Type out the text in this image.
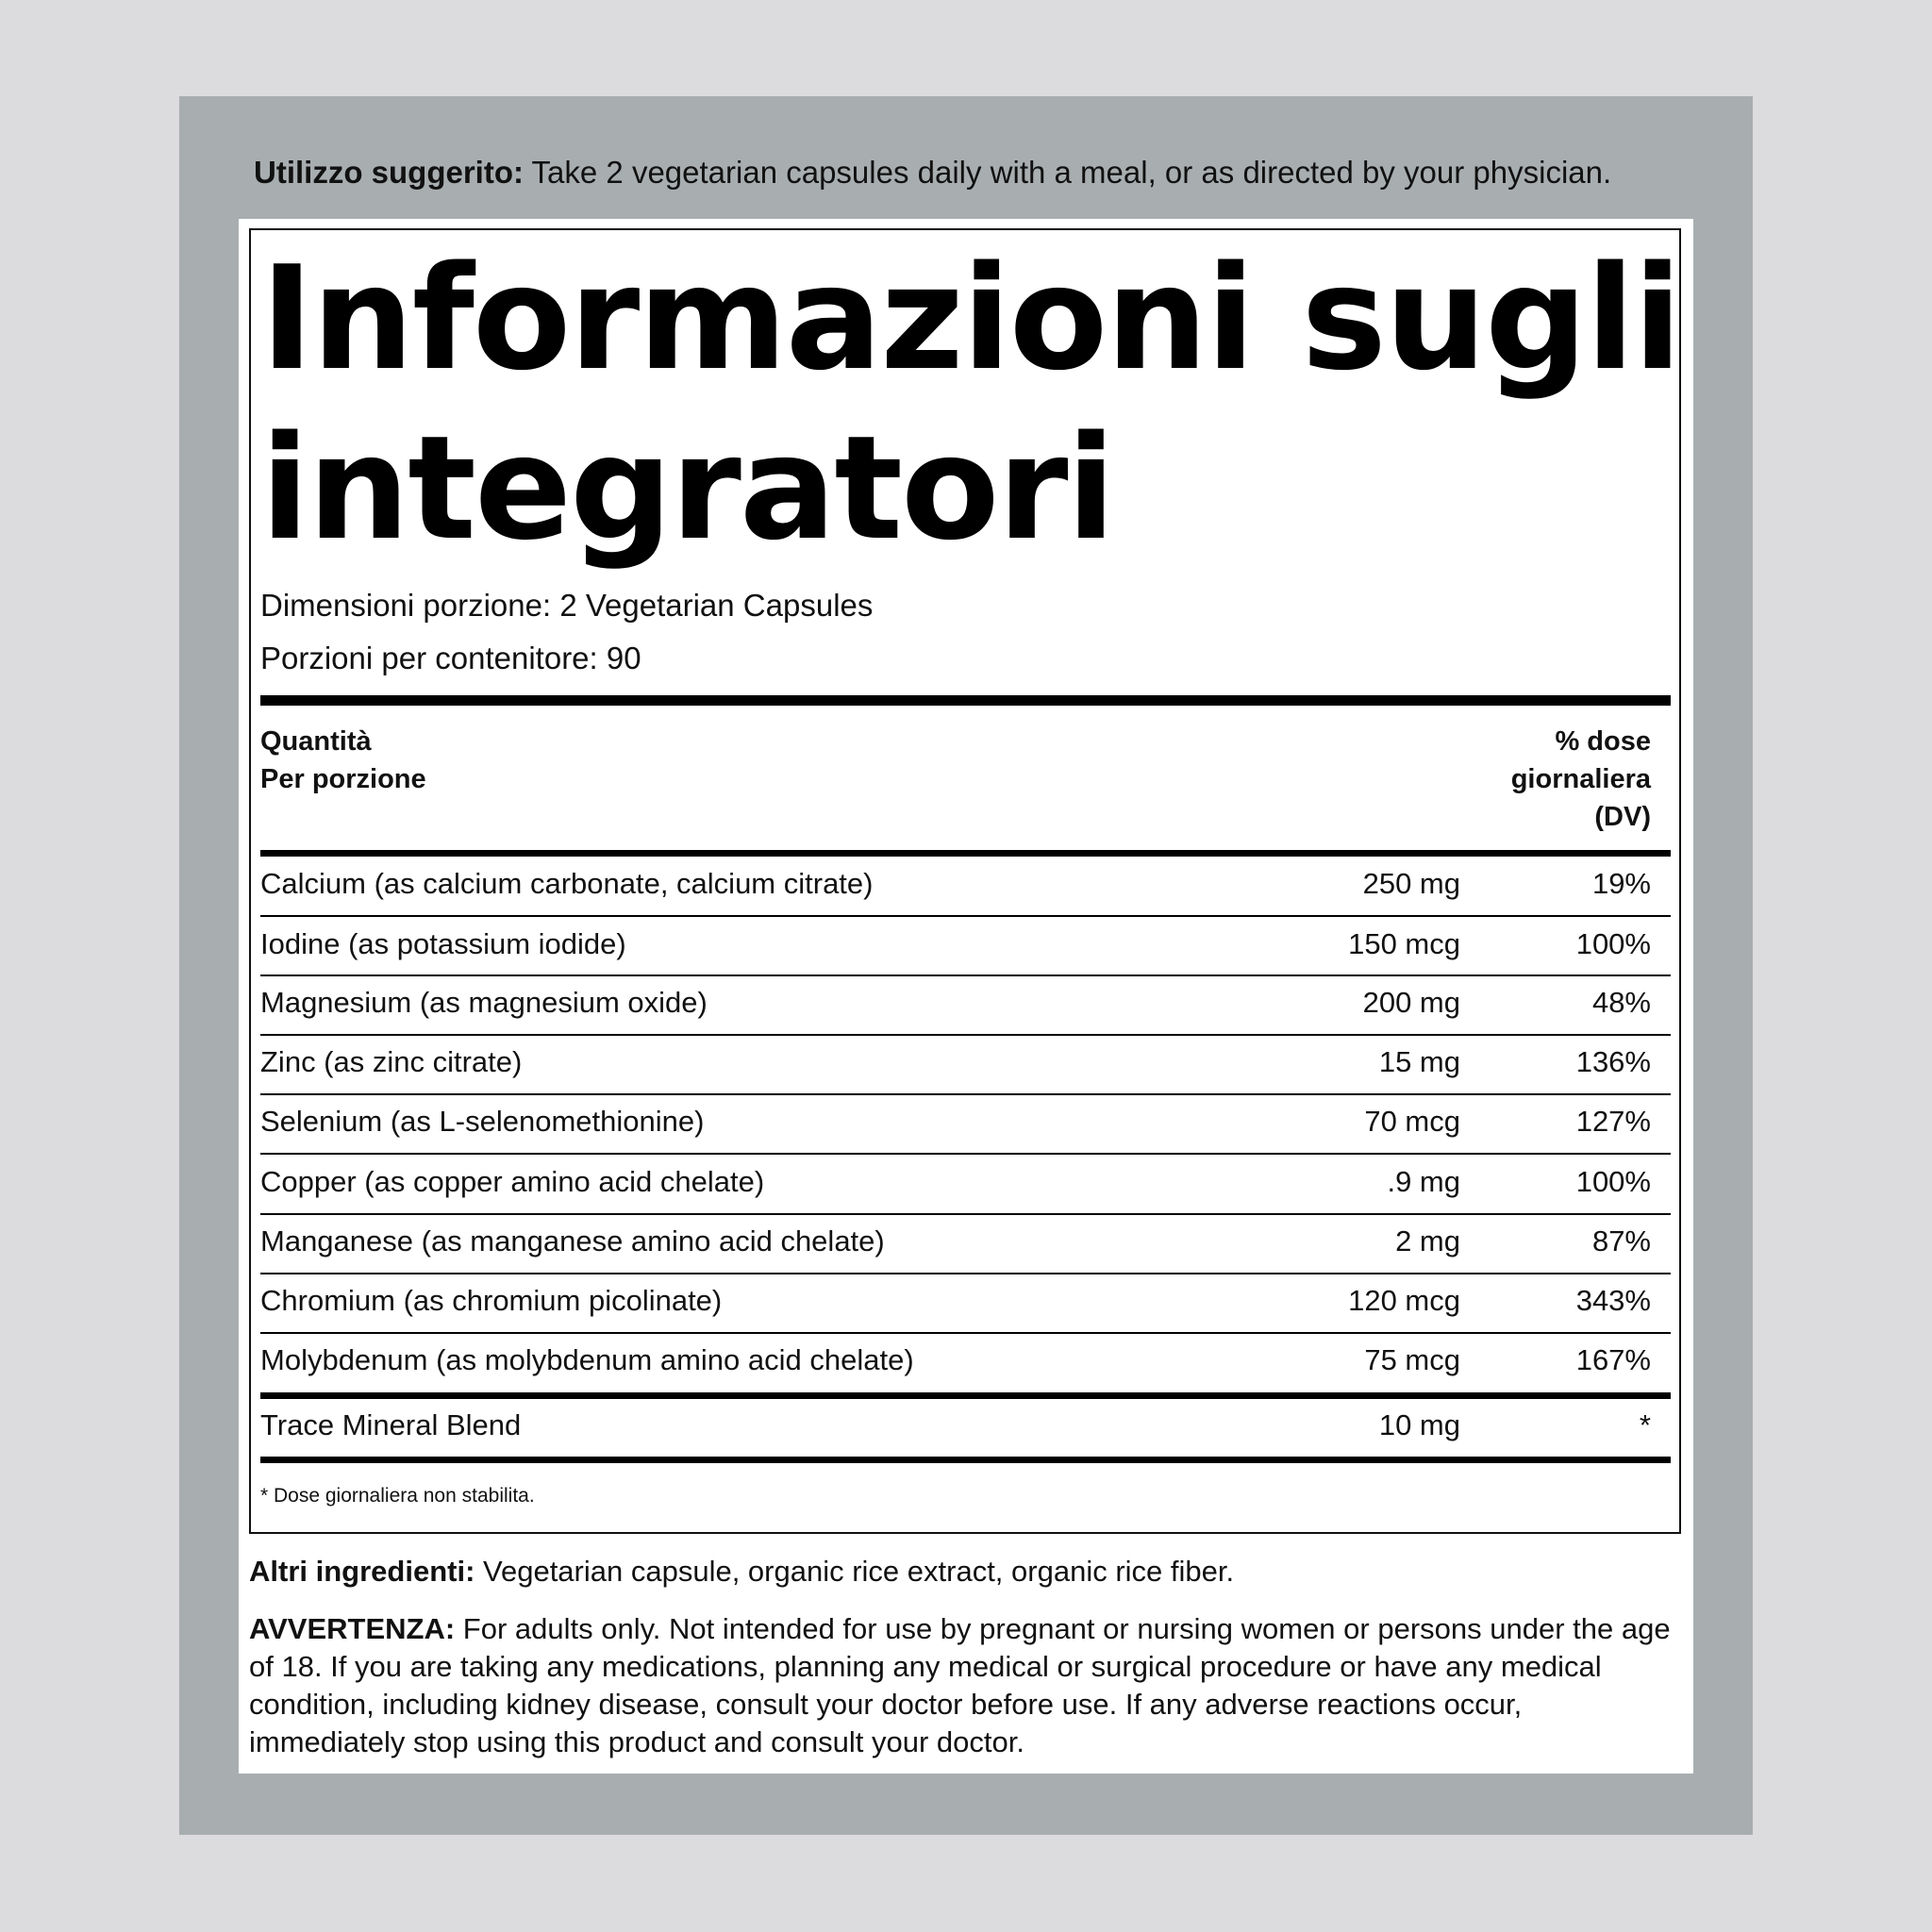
Utilizzo suggerito: Take 2 vegetarian capsules daily with a meal, or as directed by your physician.
Informazioni sugli
integratori
Dimensioni porzione: 2 Vegetarian Capsules
Porzioni per contenitore: 90
Quantità
Per porzione
% dose
giornaliera
(DV)
Calcium (as calcium carbonate, calcium citrate)	250 mg	19%
Iodine (as potassium iodide)	150 mcg	100%
Magnesium (as magnesium oxide)	200 mg	48%
Zinc (as zinc citrate)	15 mg	136%
Selenium (as L-selenomethionine)	70 mcg	127%
Copper (as copper amino acid chelate)	.9 mg	100%
Manganese (as manganese amino acid chelate)	2 mg	87%
Chromium (as chromium picolinate)	120 mcg	343%
Molybdenum (as molybdenum amino acid chelate)	75 mcg	167%
Trace Mineral Blend	10 mg	*
* Dose giornaliera non stabilita.
Altri ingredienti: Vegetarian capsule, organic rice extract, organic rice fiber.
AVVERTENZA: For adults only. Not intended for use by pregnant or nursing women or persons under the age of 18. If you are taking any medications, planning any medical or surgical procedure or have any medical condition, including kidney disease, consult your doctor before use. If any adverse reactions occur, immediately stop using this product and consult your doctor.
